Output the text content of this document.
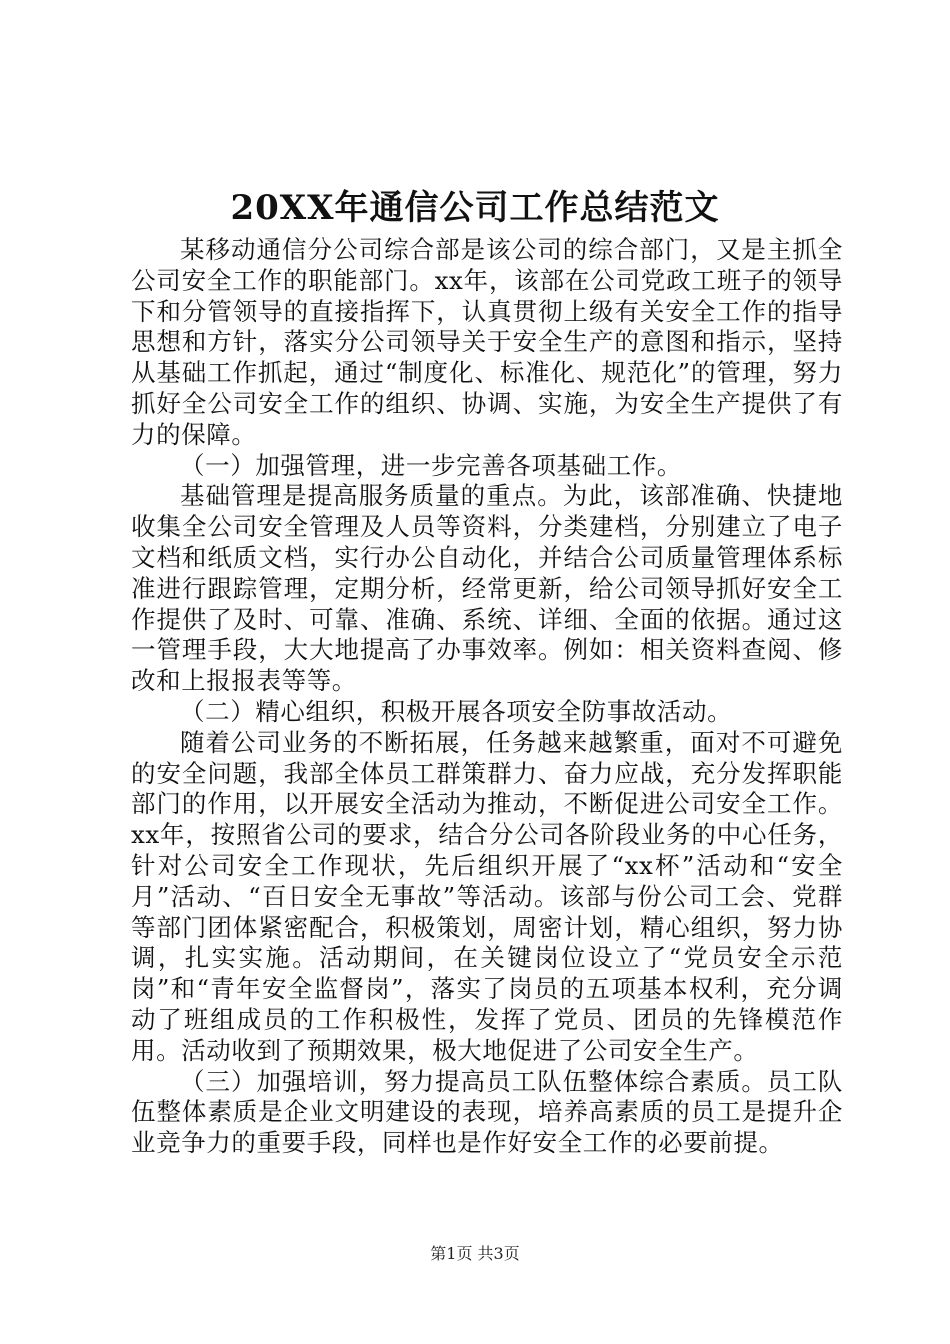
20XX年通信公司工作总结范文

某移动通信分公司综合部是该公司的综合部门，又是主抓全公司安全工作的职能部门。xx年，该部在公司党政工班子的领导下和分管领导的直接指挥下，认真贯彻上级有关安全工作的指导思想和方针，落实分公司领导关于安全生产的意图和指示，坚持从基础工作抓起，通过“制度化、标准化、规范化”的管理，努力抓好全公司安全工作的组织、协调、实施，为安全生产提供了有力的保障。

（一）加强管理，进一步完善各项基础工作。

基础管理是提高服务质量的重点。为此，该部准确、快捷地收集全公司安全管理及人员等资料，分类建档，分别建立了电子文档和纸质文档，实行办公自动化，并结合公司质量管理体系标准进行跟踪管理，定期分析，经常更新，给公司领导抓好安全工作提供了及时、可靠、准确、系统、详细、全面的依据。通过这一管理手段，大大地提高了办事效率。例如：相关资料查阅、修改和上报报表等等。

（二）精心组织，积极开展各项安全防事故活动。

随着公司业务的不断拓展，任务越来越繁重，面对不可避免的安全问题，我部全体员工群策群力、奋力应战，充分发挥职能部门的作用，以开展安全活动为推动，不断促进公司安全工作。xx年，按照省公司的要求，结合分公司各阶段业务的中心任务，针对公司安全工作现状，先后组织开展了“xx杯”活动和“安全月”活动、“百日安全无事故”等活动。该部与份公司工会、党群等部门团体紧密配合，积极策划，周密计划，精心组织，努力协调，扎实实施。活动期间，在关键岗位设立了“党员安全示范岗”和“青年安全监督岗”，落实了岗员的五项基本权利，充分调动了班组成员的工作积极性，发挥了党员、团员的先锋模范作用。活动收到了预期效果，极大地促进了公司安全生产。

（三）加强培训，努力提高员工队伍整体综合素质。员工队伍整体素质是企业文明建设的表现，培养高素质的员工是提升企业竞争力的重要手段，同样也是作好安全工作的必要前提。

第1页 共3页
